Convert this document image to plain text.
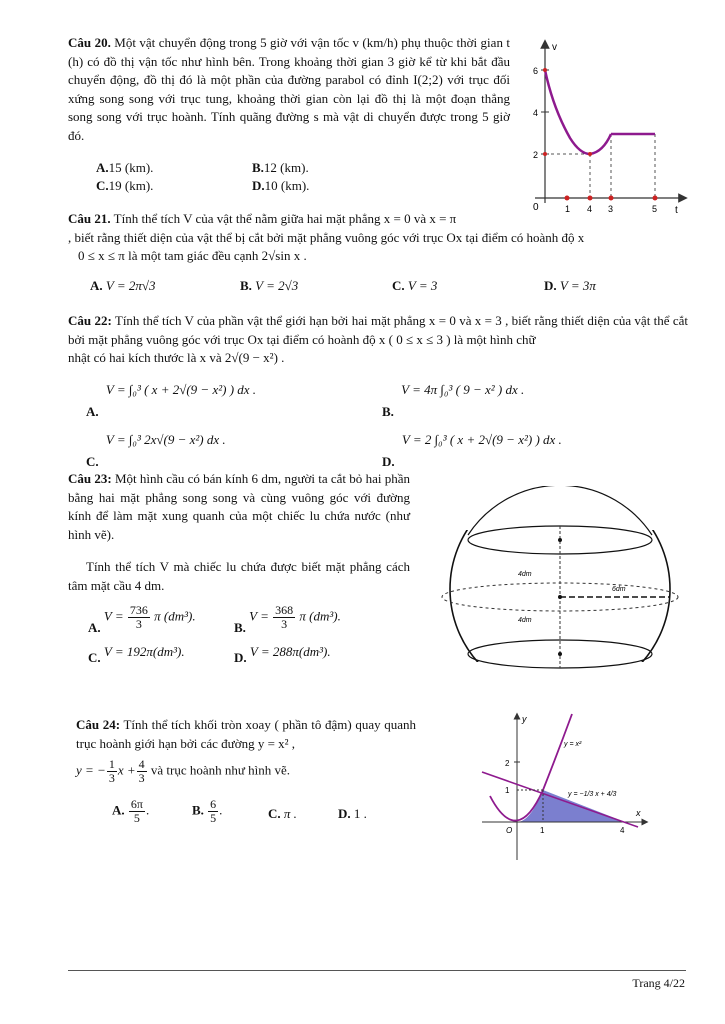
Câu 20. Một vật chuyển động trong 5 giờ với vận tốc v (km/h) phụ thuộc thời gian t (h) có đồ thị vận tốc như hình bên. Trong khoảng thời gian 3 giờ kể từ khi bắt đầu chuyển động, đồ thị đó là một phần của đường parabol có đỉnh I(2;2) với trục đối xứng song song với trục tung, khoảng thời gian còn lại đồ thị là một đoạn thẳng song song với trục hoành. Tính quãng đường s mà vật di chuyển được trong 5 giờ đó.
A.15 (km).	B.12 (km).
C.19 (km).	D.10 (km).
v
t
0
2
4
6
1 4 3	5
Câu 21. Tính thể tích V của vật thể nằm giữa hai mặt phẳng x = 0 và x = π
, biết rằng thiết diện của vật thể bị cắt bởi mặt phẳng vuông góc với trục Ox tại điểm có hoành độ x
0 ≤ x ≤ π là một tam giác đều cạnh 2√sin x .
A. V = 2π√3	B. V = 2√3	C. V = 3	D. V = 3π
Câu 22: Tính thể tích V của phần vật thể giới hạn bởi hai mặt phẳng x = 0 và x = 3 , biết rằng thiết diện của vật thể cắt bởi mặt phẳng vuông góc với trục Ox tại điểm có hoành độ x ( 0 ≤ x ≤ 3 ) là một hình chữ
nhật có hai kích thước là x và 2√(9 − x²) .
A. V = ∫₀³ ( x + 2√(9 − x²) ) dx .
B. V = 4π ∫₀³ ( 9 − x² ) dx .
C. V = ∫₀³ 2x√(9 − x²) dx .
D. V = 2 ∫₀³ ( x + 2√(9 − x²) ) dx .
Câu 23: Một hình cầu có bán kính 6 dm, người ta cắt bỏ hai phần bằng hai mặt phẳng song song và cùng vuông góc với đường kính để làm mặt xung quanh của một chiếc lu chứa nước (như hình vẽ).
Tính thể tích V mà chiếc lu chứa được biết mặt phẳng cách tâm mặt cầu 4 dm.
A. $V = \frac{736}{3}$ π (dm³).
B. $V = \frac{368}{3}$ π (dm³).
C. V = 192π(dm³).	D. V = 288π(dm³).
4dm
4dm
6dm
Câu 24: Tính thể tích khối tròn xoay ( phần tô đậm) quay quanh trục hoành giới hạn bởi các đường y = x² ,
y = − $\frac{1}{3}$ $x + \frac{4}{3}$ và trục hoành như hình vẽ.
A. $\frac{6\pi}{5}$ .	B. $\frac{6}{5}$ .	C. π .	D. 1 .
y
x
O
y = x²
y = −1/3 x + 4/3
1
2
1
4
Trang 4/22
